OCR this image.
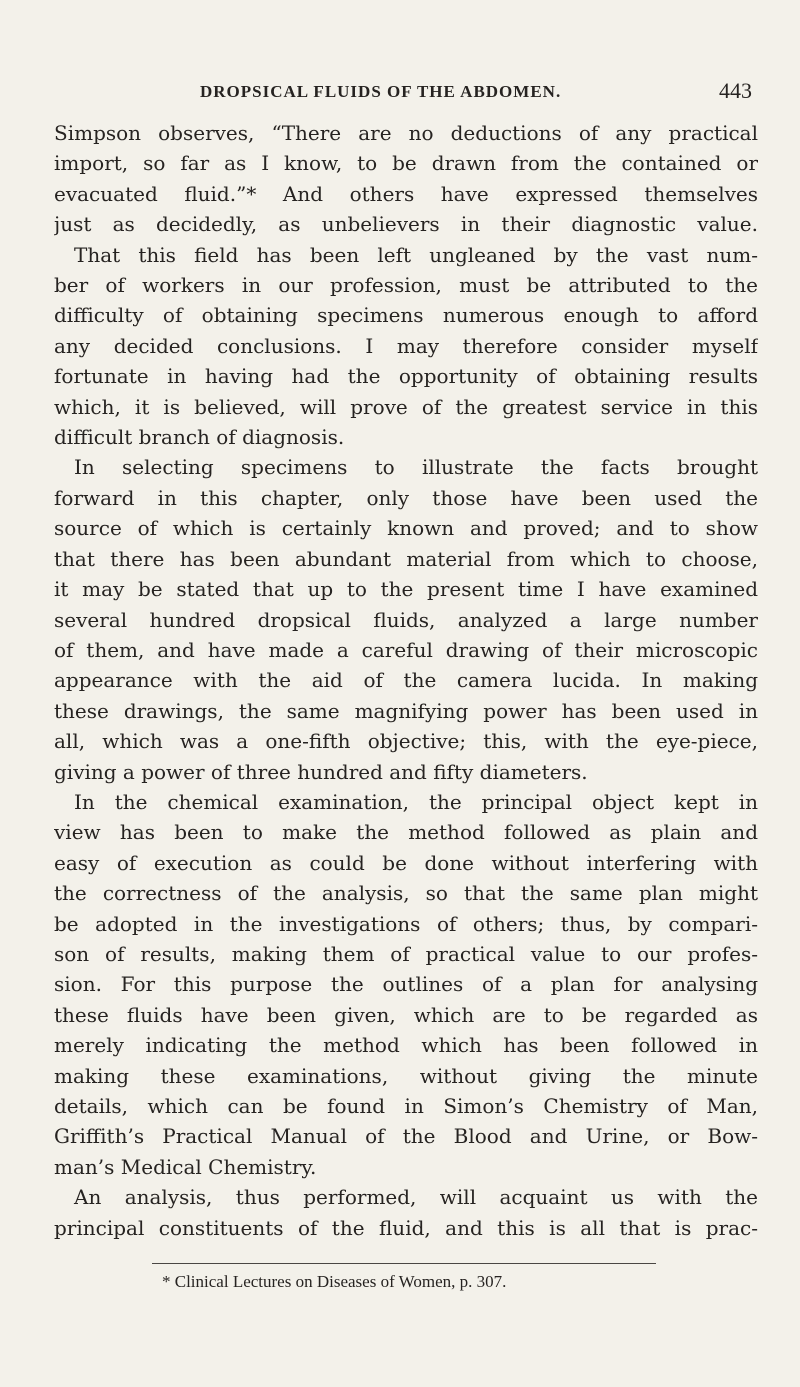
DROPSICAL FLUIDS OF THE ABDOMEN.	443
Simpson observes, “There are no deductions of any practical
import, so far as I know, to be drawn from the contained or
evacuated fluid.”* And others have expressed themselves
just as decidedly, as unbelievers in their diagnostic value.
That this field has been left ungleaned by the vast num-
ber of workers in our profession, must be attributed to the
difficulty of obtaining specimens numerous enough to afford
any decided conclusions. I may therefore consider myself
fortunate in having had the opportunity of obtaining results
which, it is believed, will prove of the greatest service in this
difficult branch of diagnosis.
In selecting specimens to illustrate the facts brought
forward in this chapter, only those have been used the
source of which is certainly known and proved; and to show
that there has been abundant material from which to choose,
it may be stated that up to the present time I have examined
several hundred dropsical fluids, analyzed a large number
of them, and have made a careful drawing of their microscopic
appearance with the aid of the camera lucida. In making
these drawings, the same magnifying power has been used in
all, which was a one-fifth objective; this, with the eye-piece,
giving a power of three hundred and fifty diameters.
In the chemical examination, the principal object kept in
view has been to make the method followed as plain and
easy of execution as could be done without interfering with
the correctness of the analysis, so that the same plan might
be adopted in the investigations of others; thus, by compari-
son of results, making them of practical value to our profes-
sion. For this purpose the outlines of a plan for analysing
these fluids have been given, which are to be regarded as
merely indicating the method which has been followed in
making these examinations, without giving the minute
details, which can be found in Simon’s Chemistry of Man,
Griffith’s Practical Manual of the Blood and Urine, or Bow-
man’s Medical Chemistry.
An analysis, thus performed, will acquaint us with the
principal constituents of the fluid, and this is all that is prac-
* Clinical Lectures on Diseases of Women, p. 307.
